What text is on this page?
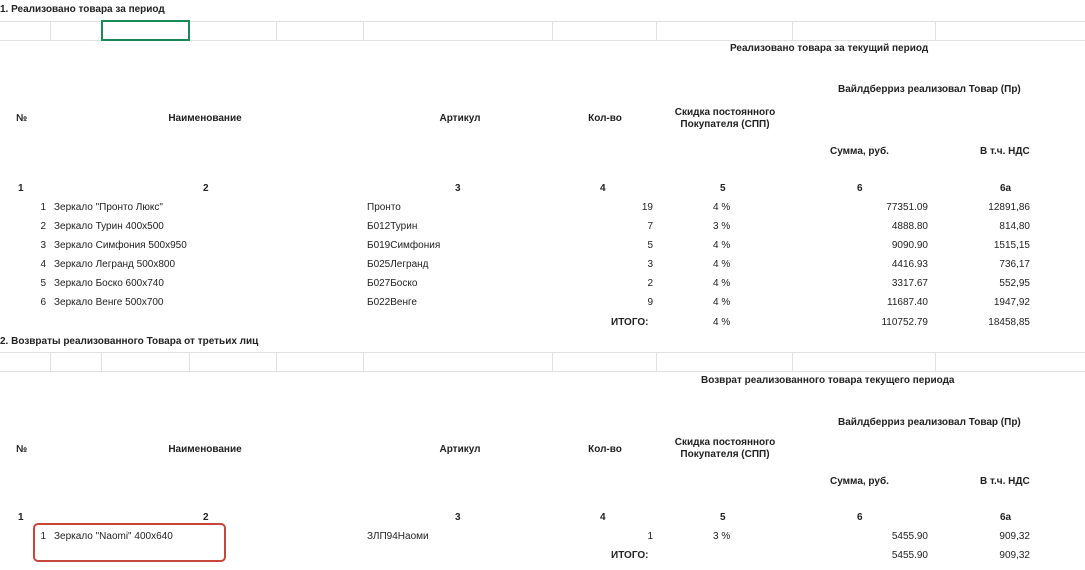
1. Реализовано товара за период
Реализовано товара за текущий период
Вайлдберриз реализовал Товар (Пр)
№	Наименование	Артикул	Кол-во
Скидка постоянного Покупателя (СПП)
Сумма, руб.	В т.ч. НДС
1	2	3	4	5	6	6а
1 Зеркало "Пронто Люкс"	Пронто	19	4 %	77351.09	12891,86
2 Зеркало Турин 400х500	Б012Турин	7	3 %	4888.80	814,80
3 Зеркало Симфония 500х950	Б019Симфония	5	4 %	9090.90	1515,15
4 Зеркало Легранд 500х800	Б025Легранд	3	4 %	4416.93	736,17
5 Зеркало Боско 600х740	Б027Боско	2	4 %	3317.67	552,95
6 Зеркало Венге 500х700	Б022Венге	9	4 %	11687.40	1947,92
ИТОГО:	4 %	110752.79	18458,85
2. Возвраты реализованного Товара от третьих лиц
Возврат реализованного товара текущего периода
Вайлдберриз реализовал Товар (Пр)
№	Наименование	Артикул	Кол-во
Скидка постоянного Покупателя (СПП)
Сумма, руб.	В т.ч. НДС
1	2	3	4	5	6	6а
1 Зеркало "Naomi" 400х640	ЗЛП94Наоми	1	3 %	5455.90	909,32
ИТОГО:	5455.90	909,32
